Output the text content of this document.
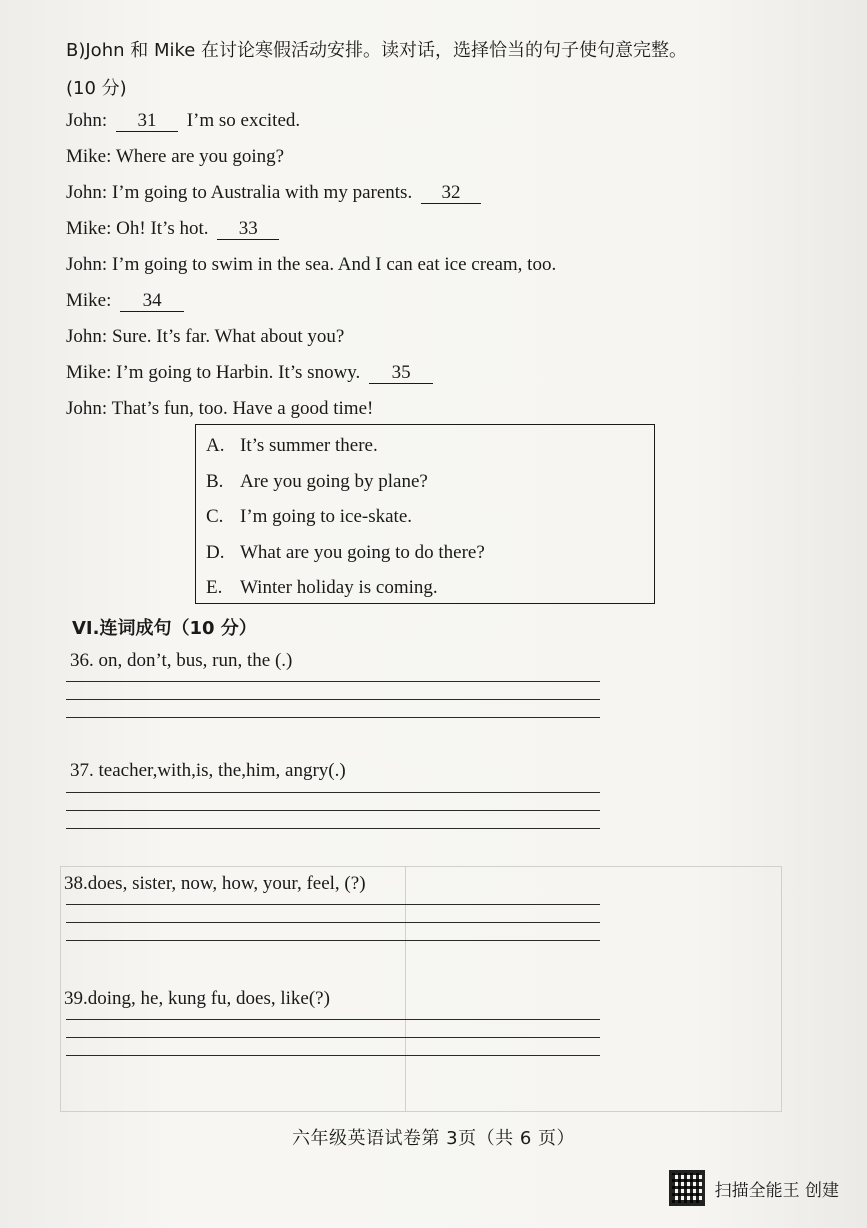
B)John 和 Mike 在讨论寒假活动安排。读对话，选择恰当的句子使句意完整。
(10 分)
John: 31 I’m so excited.
Mike: Where are you going?
John: I’m going to Australia with my parents. 32
Mike: Oh! It’s hot. 33
John: I’m going to swim in the sea. And I can eat ice cream, too.
Mike: 34
John: Sure. It’s far. What about you?
Mike: I’m going to Harbin. It’s snowy. 35
John: That’s fun, too. Have a good time!
A. It’s summer there.
B. Are you going by plane?
C. I’m going to ice-skate.
D. What are you going to do there?
E. Winter holiday is coming.
VI.连词成句（10 分）
36. on, don’t, bus, run, the (.)
37. teacher,with,is, the,him, angry(.)
38.does, sister, now, how, your, feel, (?)
39.doing, he, kung fu, does, like(?)
六年级英语试卷第 3页（共 6 页）
扫描全能王 创建
